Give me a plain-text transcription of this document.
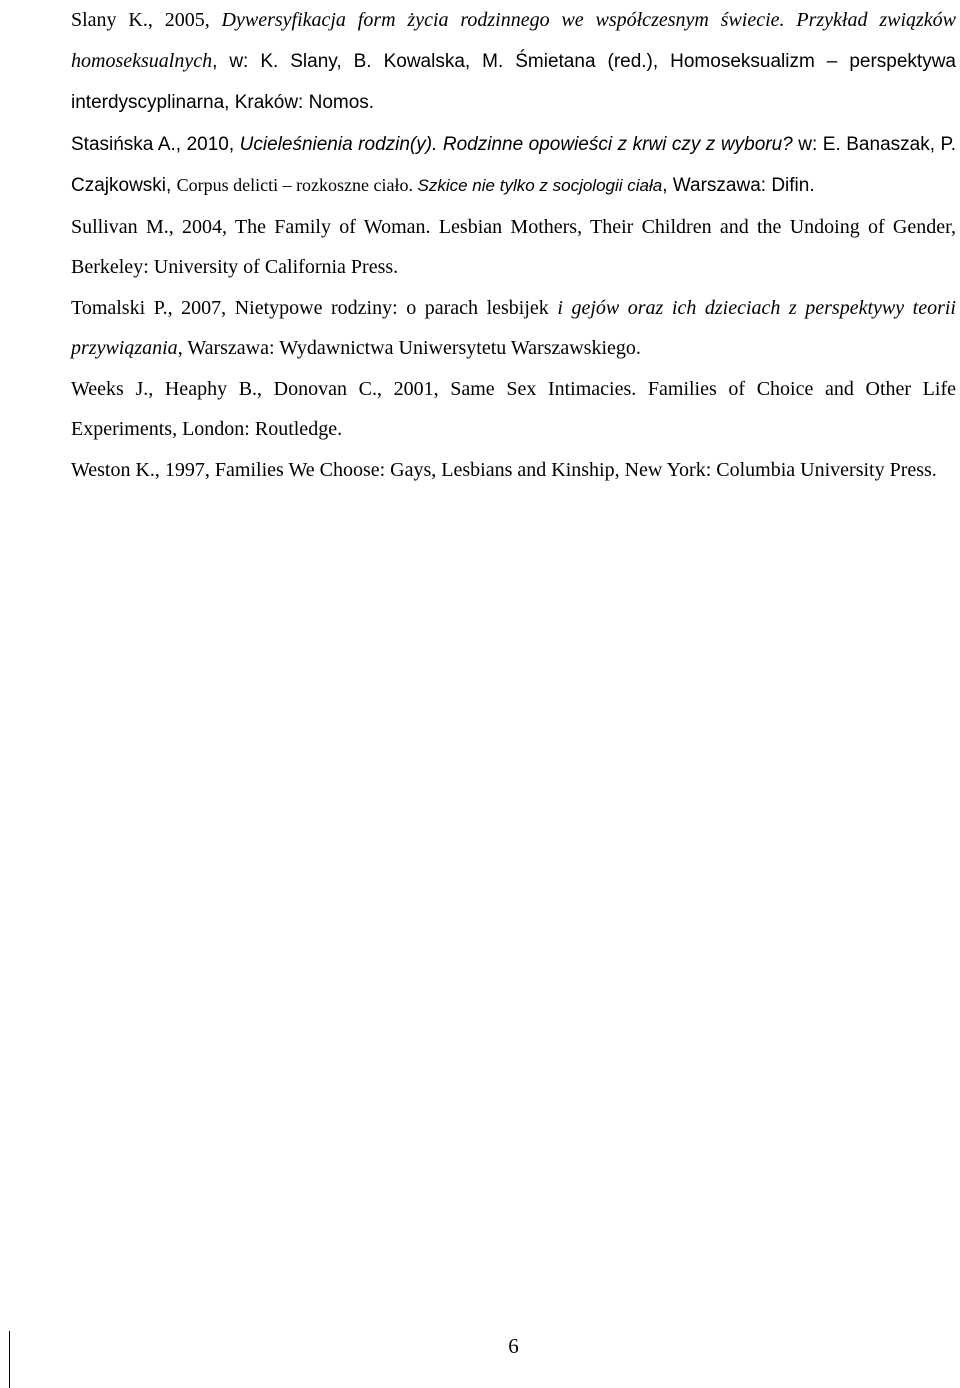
Slany K., 2005, Dywersyfikacja form życia rodzinnego we współczesnym świecie. Przykład związków homoseksualnych, w: K. Slany, B. Kowalska, M. Śmietana (red.), Homoseksualizm – perspektywa interdyscyplinarna, Kraków: Nomos.

Stasińska A., 2010, Ucieleśnienia rodzin(y). Rodzinne opowieści z krwi czy z wyboru? w: E. Banaszak, P. Czajkowski, Corpus delicti – rozkoszne ciało. Szkice nie tylko z socjologii ciała, Warszawa: Difin.

Sullivan M., 2004, The Family of Woman. Lesbian Mothers, Their Children and the Undoing of Gender, Berkeley: University of California Press.

Tomalski P., 2007, Nietypowe rodziny: o parach lesbijek i gejów oraz ich dzieciach z perspektywy teorii przywiązania, Warszawa: Wydawnictwa Uniwersytetu Warszawskiego.

Weeks J., Heaphy B., Donovan C., 2001, Same Sex Intimacies. Families of Choice and Other Life Experiments, London: Routledge.

Weston K., 1997, Families We Choose: Gays, Lesbians and Kinship, New York: Columbia University Press.

6
